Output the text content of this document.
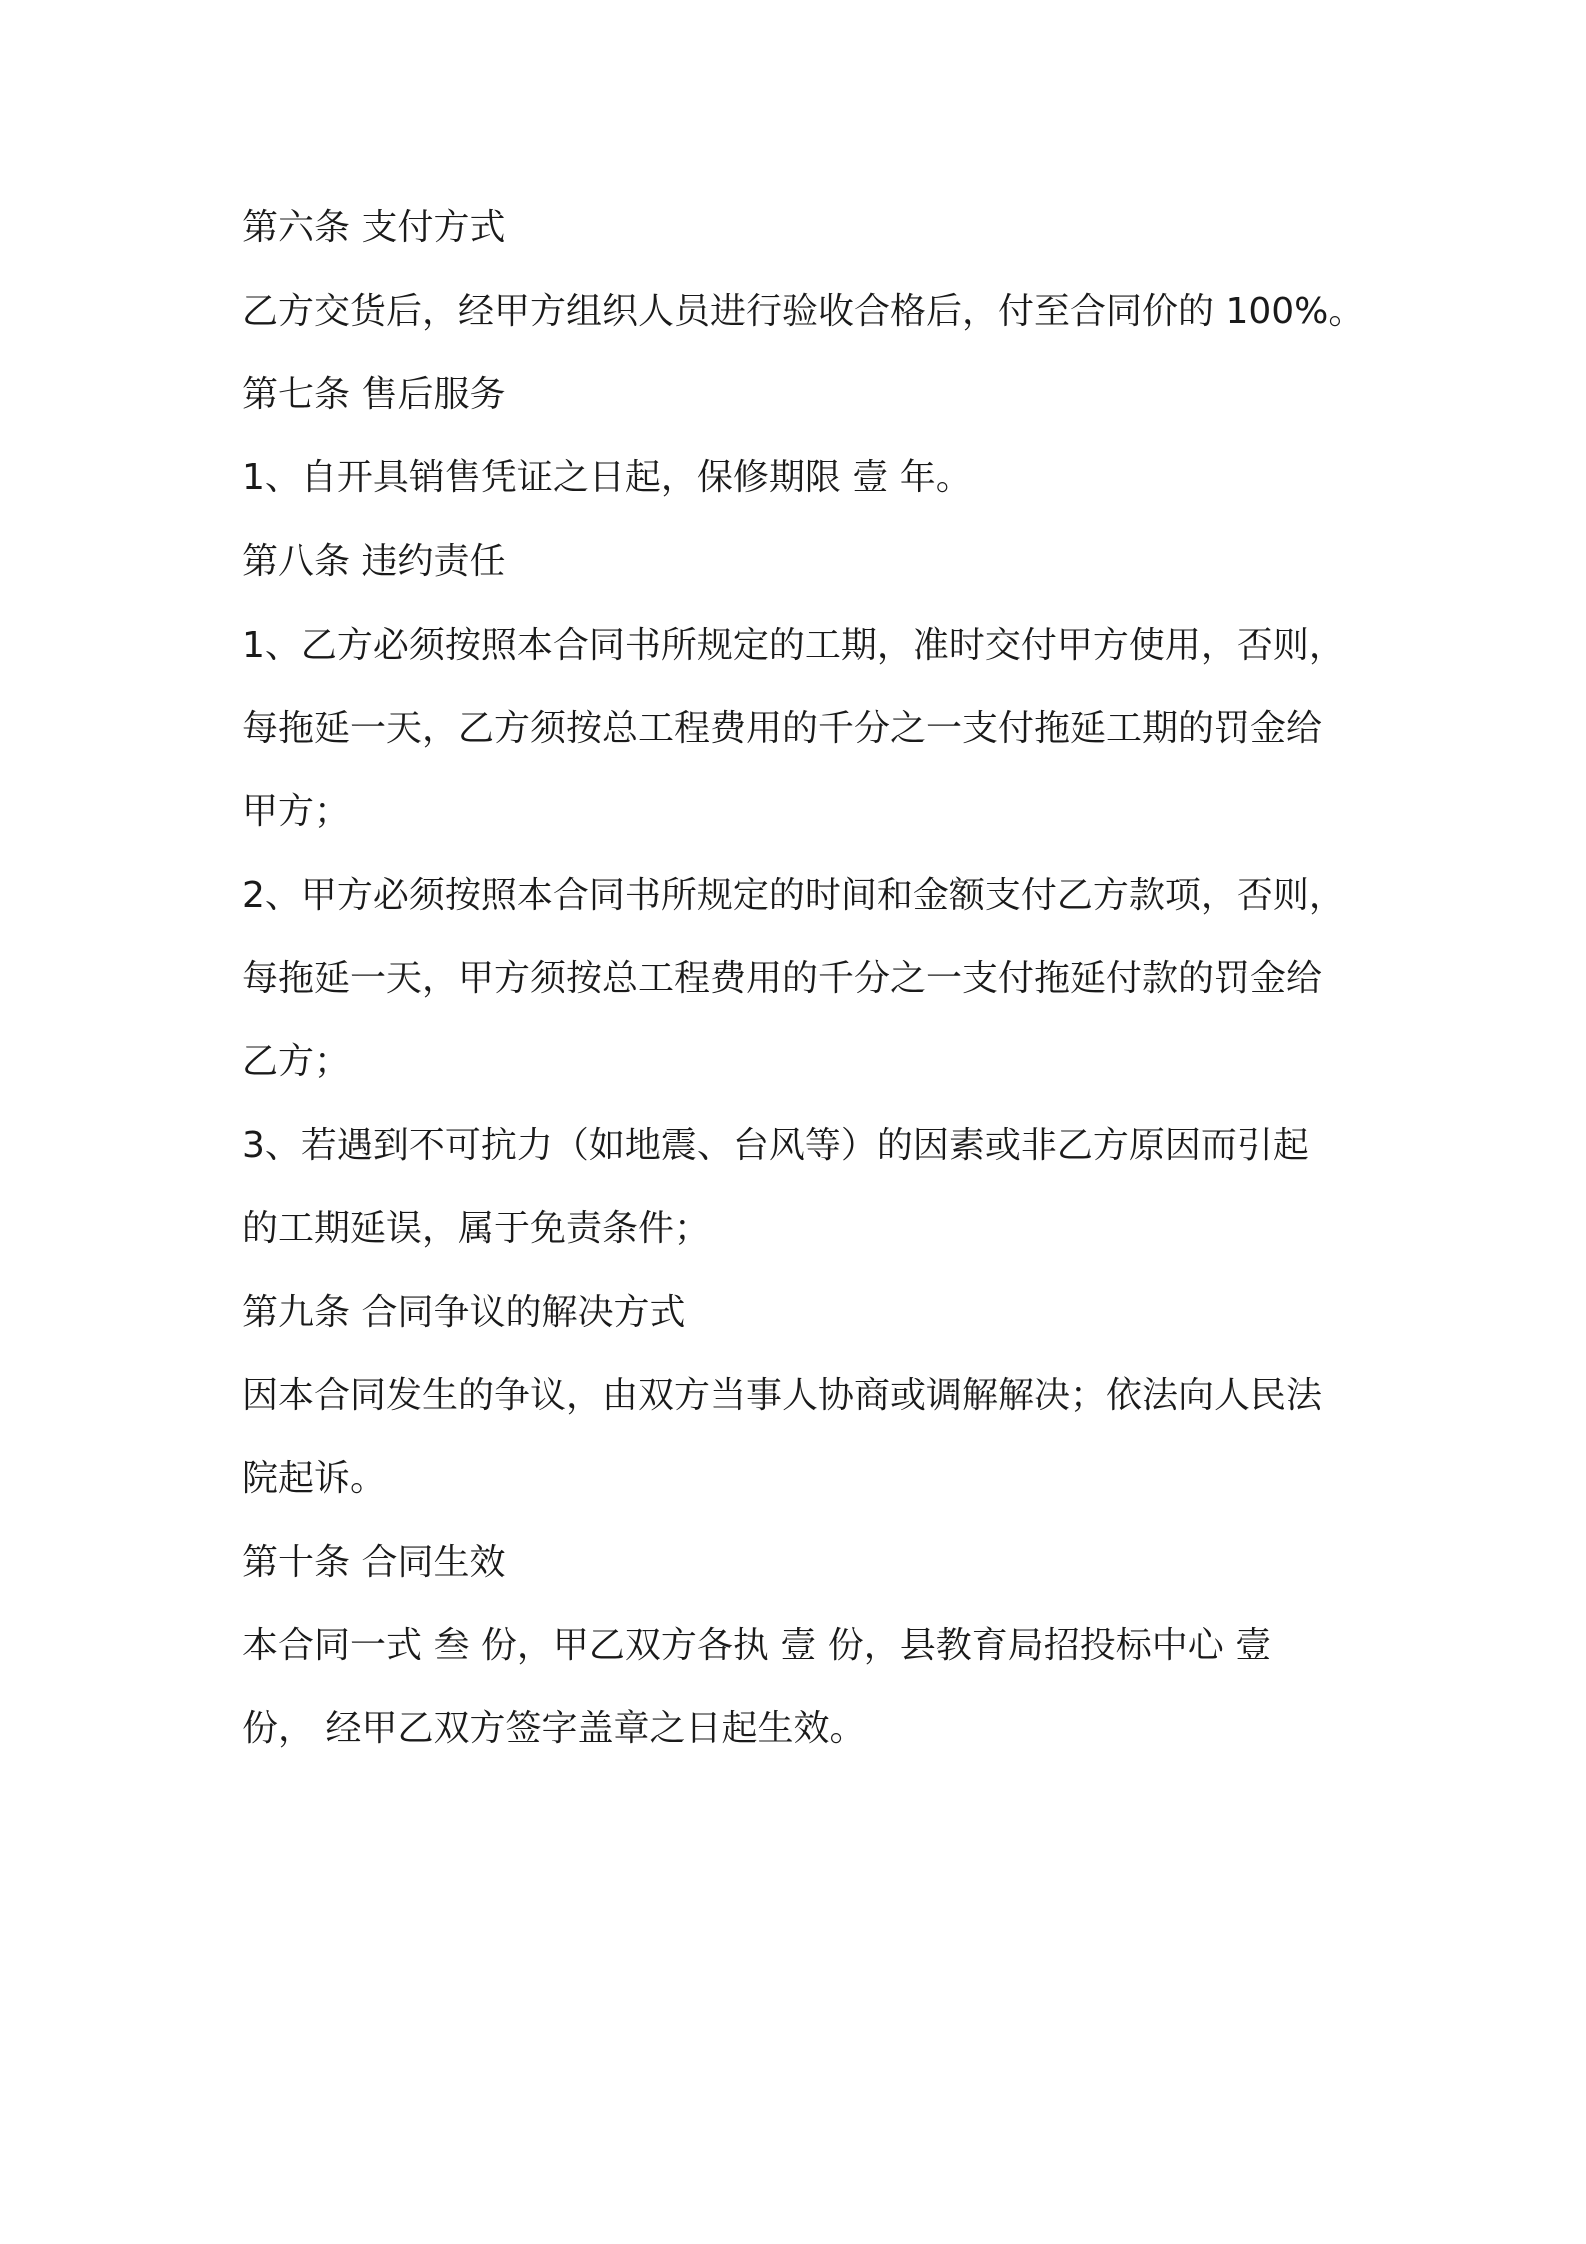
第六条 支付方式
乙方交货后，经甲方组织人员进行验收合格后，付至合同价的 100%。
第七条 售后服务
1、自开具销售凭证之日起，保修期限 壹 年。
第八条 违约责任
1、乙方必须按照本合同书所规定的工期，准时交付甲方使用，否则，
每拖延一天，乙方须按总工程费用的千分之一支付拖延工期的罚金给
甲方；
2、甲方必须按照本合同书所规定的时间和金额支付乙方款项，否则，
每拖延一天，甲方须按总工程费用的千分之一支付拖延付款的罚金给
乙方；
3、若遇到不可抗力（如地震、台风等）的因素或非乙方原因而引起
的工期延误，属于免责条件；
第九条 合同争议的解决方式
因本合同发生的争议，由双方当事人协商或调解解决；依法向人民法
院起诉。
第十条 合同生效
本合同一式 叁 份，甲乙双方各执 壹 份，县教育局招投标中心 壹
份， 经甲乙双方签字盖章之日起生效。
